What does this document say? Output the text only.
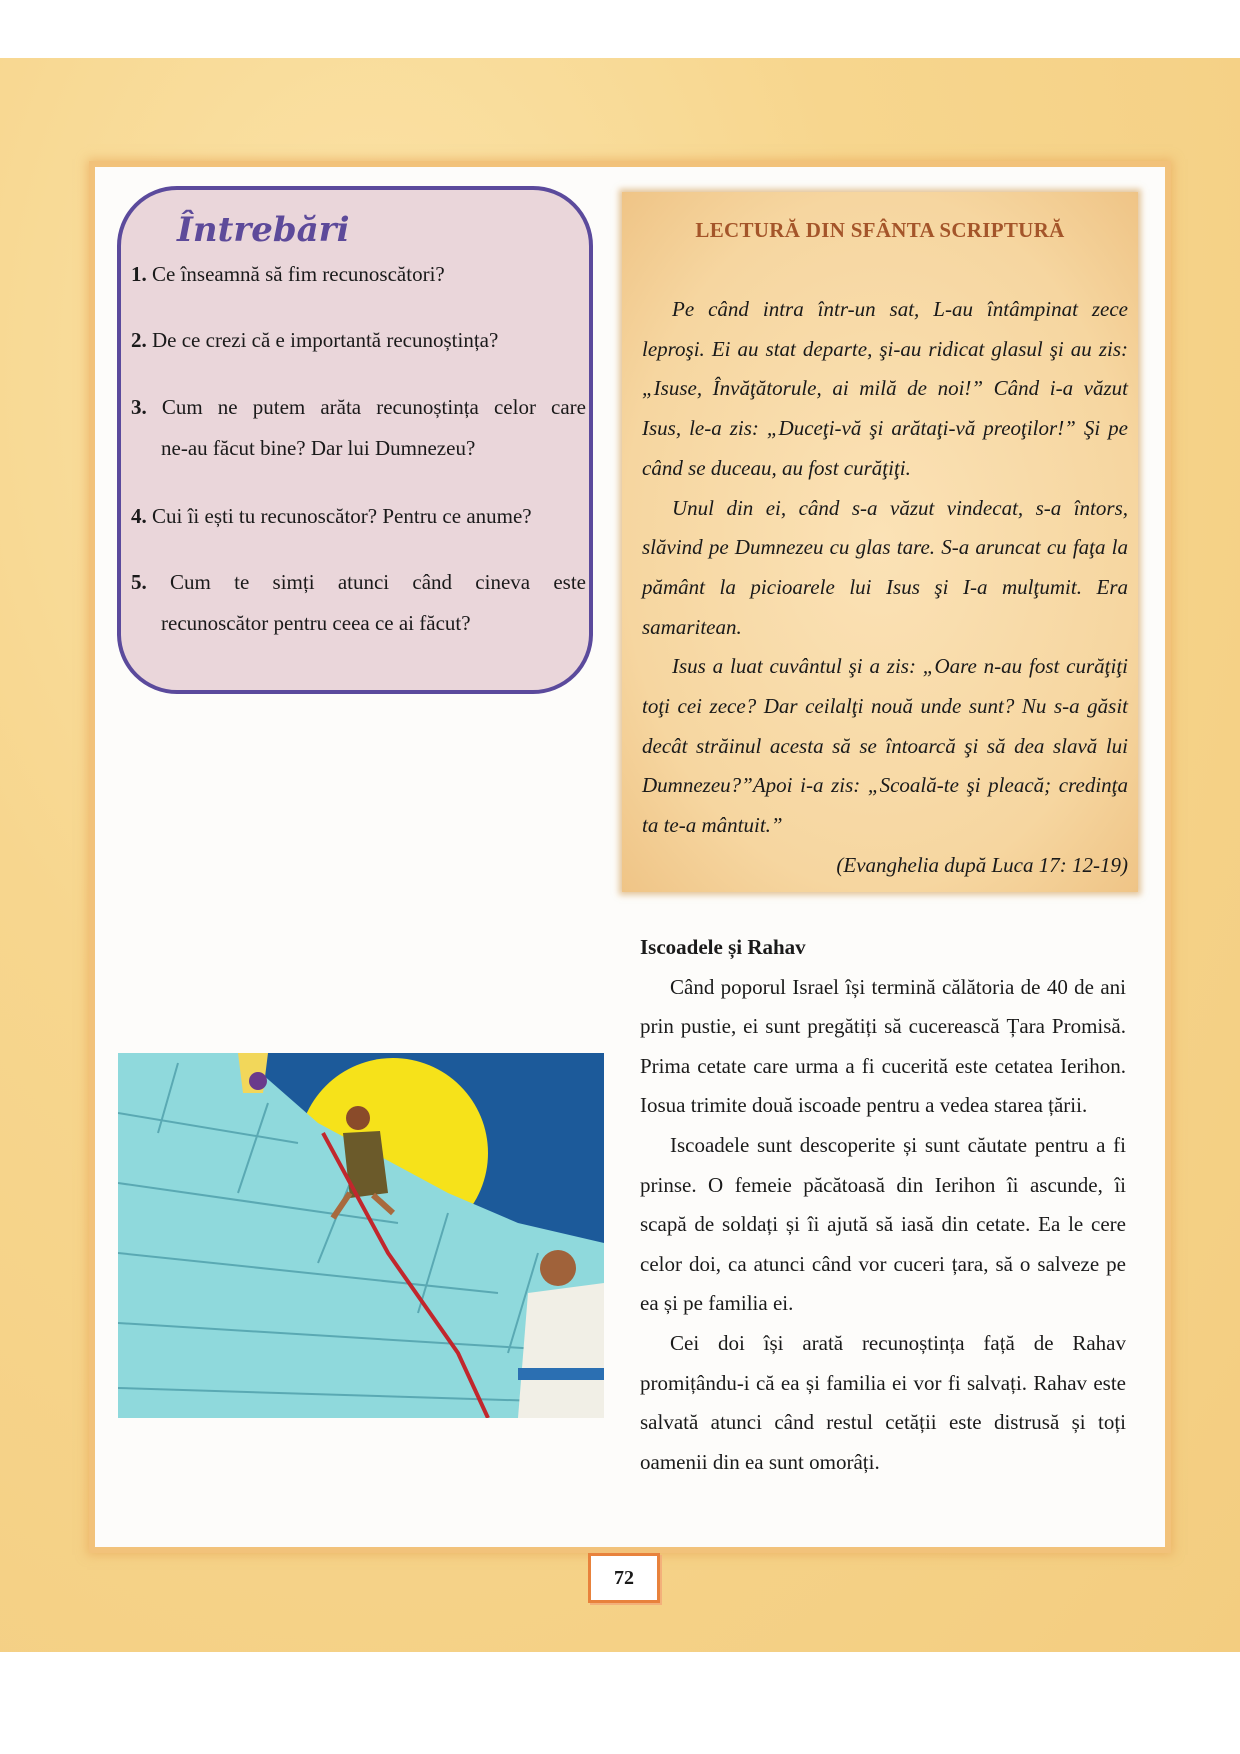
Întrebări
1. Ce înseamnă să fim recunoscători?
2. De ce crezi că e importantă recunoștința?
3. Cum ne putem arăta recunoștința celor care
ne-au făcut bine? Dar lui Dumnezeu?
4. Cui îi ești tu recunoscător? Pentru ce anume?
5. Cum te simți atunci când cineva este
recunoscător pentru ceea ce ai făcut?
LECTURĂ DIN SFÂNTA SCRIPTURĂ

Pe când intra într-un sat, L-au întâmpinat zece leproşi. Ei au stat departe, şi-au ridicat glasul şi au zis: „Isuse, Învăţătorule, ai milă de noi!” Când i-a văzut Isus, le-a zis: „Duceţi-vă şi arătaţi-vă preoţilor!” Şi pe când se duceau, au fost curăţiţi.

Unul din ei, când s-a văzut vindecat, s-a întors, slăvind pe Dumnezeu cu glas tare. S-a aruncat cu faţa la pământ la picioarele lui Isus şi I-a mulţumit. Era samaritean.

Isus a luat cuvântul şi a zis: „Oare n-au fost curăţiţi toţi cei zece? Dar ceilalţi nouă unde sunt? Nu s-a găsit decât străinul acesta să se întoarcă şi să dea slavă lui Dumnezeu?”Apoi i-a zis: „Scoală-te şi pleacă; credinţa ta te-a mântuit.”

(Evanghelia după Luca 17: 12-19)

Iscoadele și Rahav

Când poporul Israel își termină călătoria de 40 de ani prin pustie, ei sunt pregătiți să cucerească Țara Promisă. Prima cetate care urma a fi cucerită este cetatea Ierihon. Iosua trimite două iscoade pentru a vedea starea țării.

Iscoadele sunt descoperite și sunt căutate pentru a fi prinse. O femeie păcătoasă din Ierihon îi ascunde, îi scapă de soldați și îi ajută să iasă din cetate. Ea le cere celor doi, ca atunci când vor cuceri țara, să o salveze pe ea și pe familia ei.

Cei doi își arată recunoștința față de Rahav promițându-i că ea și familia ei vor fi salvați. Rahav este salvată atunci când restul cetății este distrusă și toți oamenii din ea sunt omorâți.

72
